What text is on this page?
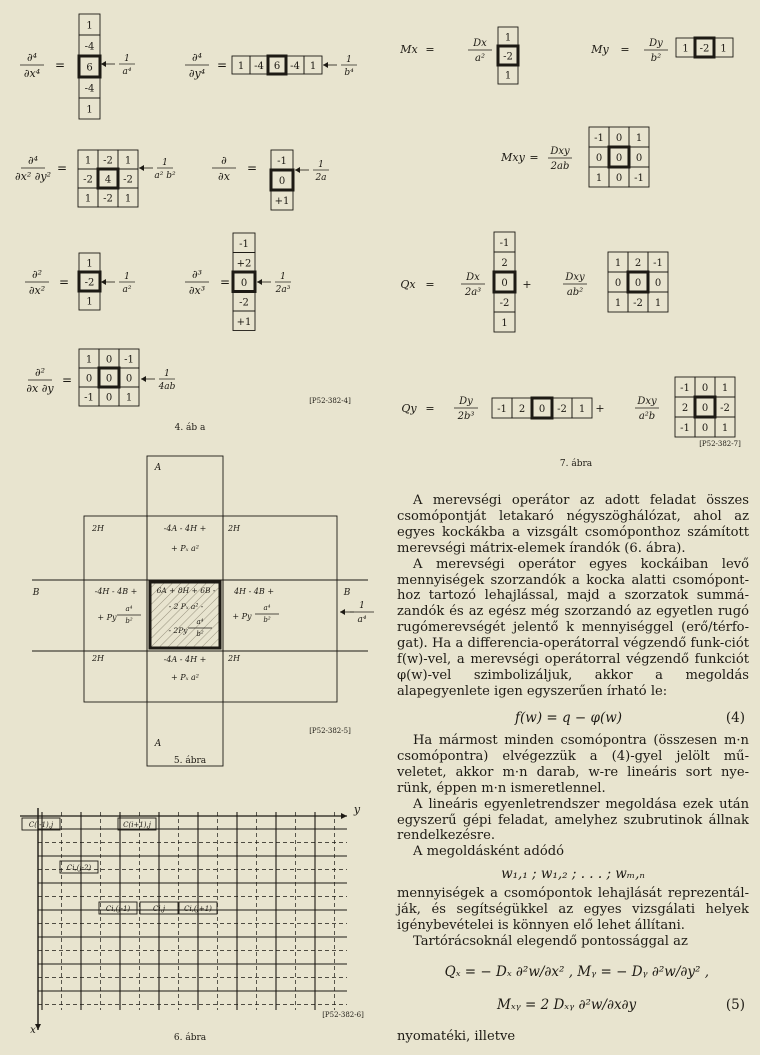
∂⁴
∂x⁴
=
1
-4
6
-4
1
1
a⁴
∂⁴
∂y⁴
= 1 -4 6 -4 1
1
b⁴
∂⁴
∂x² ∂y²
= 1 -2 1
-2 4 -2
1 -2 1
1
a² b²
∂
∂x
= -1
0
+1
1
2a
∂²
∂x²
=
1
-2
1
1
a²
∂³
∂x³
=
-1
+2
0
-2
+1
1
2a³
∂²
∂x ∂y
=
1 0 -1
0 0 0
-1 0 1
1
4ab
[P52-382-4]
4. áb a
Mx =	Dx
a²
1
-2
1
My = Dy
b²
1 -2 1
Mxy = Dxy
2ab
-1 0 1
0 0 0
1 0 -1
Qx =
Dx
2a³
-1
2
0
-2
1
+
Dxy
ab²
1 2 -1
0 0 0
1 -2 1
Qy =
Dy
2b³
-1 2 0 -2 1 +
Dxy
a²b
-1 0 1
2 0 -2
-1 0 1
[P52-382-7]
7. ábra
A
A
B	B
2H	2H
2H	2H
-4A - 4H +
+ Pₓ a²
-4A - 4H +
+ Pₓ a²
-4H - 4B +
+ Py
a⁴
b²
4H - 4B +
+ Py
a⁴
b²
6A + 8H + 6B -
- 2 Pₓ a² -
- 2Py
a⁴
b²
1
a⁴
[P52-382-5]
5. ábra
C(i-1),j	C(i+1),j
Ci,(j-2)
Ci,(j-1)	Ci,j	Ci,(j+1)
y
x
[P52-382-6]
6. ábra

A merevségi operátor az adott feladat összes csomópontját letakaró négyszöghálózat, ahol az egyes kockákba a vizsgált csomóponthoz számított merevségi mátrix-elemek írandók (6. ábra).

A merevségi operátor egyes kockáiban levő mennyiségek szorzandók a kocka alatti csomópont-hoz tartozó lehajlással, majd a szorzatok summá-zandók és az egész még szorzandó az egyetlen rugó rugómerevségét jelentő k mennyiséggel (erő/térfo-gat). Ha a differencia-operátorral végzendő funk-ciót f(w)-vel, a merevségi operátorral végzendő funkciót φ(w)-vel szimbolizáljuk, akkor a megoldás alapegyenlete igen egyszerűen írható le:

f(w) = q − φ(w)	(4)

Ha mármost minden csomópontra (összesen m·n csomópontra) elvégezzük a (4)-gyel jelölt mű-veletet, akkor m·n darab, w-re lineáris sort nye-rünk, éppen m·n ismeretlennel.

A lineáris egyenletrendszer megoldása ezek után egyszerű gépi feladat, amelyhez szubrutinok állnak rendelkezésre.

A megoldásként adódó

w₁,₁ ; w₁,₂ ; . . . ; wₘ,ₙ

mennyiségek a csomópontok lehajlását reprezentál-ják, és segítségükkel az egyes vizsgálati helyek igénybevételei is könnyen elő lehet állítani.

Tartórácsoknál elegendő pontossággal az

Qₓ = − Dₓ ∂²w/∂x² , Mᵧ = − Dᵧ ∂²w/∂y² ,
Mₓᵧ = 2 Dₓᵧ ∂²w/∂x∂y	(5)

nyomatéki, illetve
